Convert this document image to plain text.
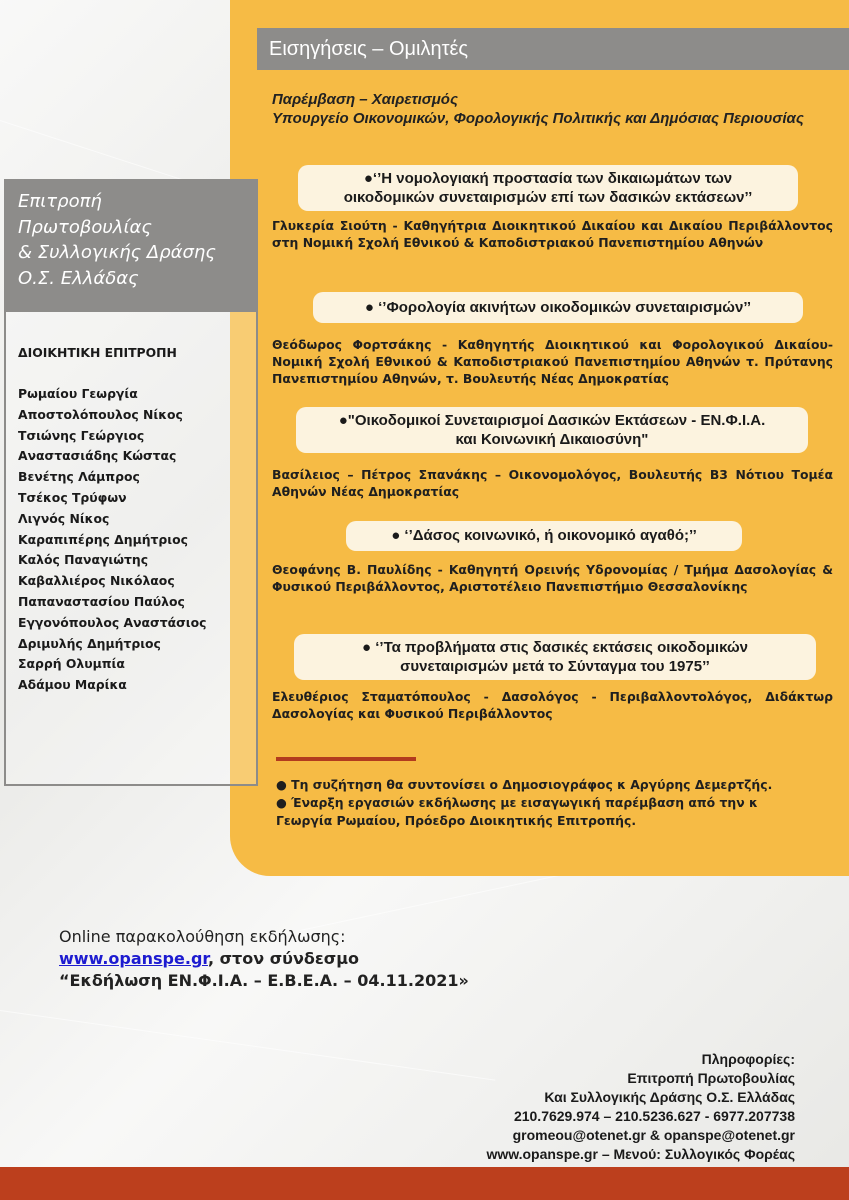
Εισηγήσεις – Ομιλητές
Παρέμβαση – Χαιρετισμός
Υπουργείο Οικονομικών, Φορολογικής Πολιτικής και Δημόσιας Περιουσίας
●‘’Η νομολογιακή προστασία των δικαιωμάτων των
οικοδομικών συνεταιρισμών επί των δασικών εκτάσεων’’
Γλυκερία Σιούτη - Καθηγήτρια Διοικητικού Δικαίου και Δικαίου Περιβάλλοντος στη Νομική Σχολή Εθνικού & Καποδιστριακού Πανεπιστημίου Αθηνών
● ‘’Φορολογία ακινήτων οικοδομικών συνεταιρισμών’’
Θεόδωρος Φορτσάκης - Καθηγητής Διοικητικού και Φορολογικού Δικαίου-Νομική Σχολή Εθνικού & Καποδιστριακού Πανεπιστημίου Αθηνών τ. Πρύτανης Πανεπιστημίου Αθηνών, τ. Βουλευτής Νέας Δημοκρατίας
●"Οικοδομικοί Συνεταιρισμοί Δασικών Εκτάσεων - ΕΝ.Φ.Ι.Α.
και Κοινωνική Δικαιοσύνη"
Βασίλειος – Πέτρος Σπανάκης – Οικονομολόγος, Βουλευτής Β3 Νότιου Τομέα Αθηνών Νέας Δημοκρατίας
● ‘’Δάσος κοινωνικό, ή οικονομικό αγαθό;’’
Θεοφάνης Β. Παυλίδης - Καθηγητή Ορεινής Υδρονομίας / Τμήμα Δασολογίας & Φυσικού Περιβάλλοντος, Αριστοτέλειο Πανεπιστήμιο Θεσσαλονίκης
● ‘’Τα προβλήματα στις δασικές εκτάσεις οικοδομικών
συνεταιρισμών μετά το Σύνταγμα του 1975’’
Ελευθέριος Σταματόπουλος - Δασολόγος - Περιβαλλοντολόγος, Διδάκτωρ Δασολογίας και Φυσικού Περιβάλλοντος
● Τη συζήτηση θα συντονίσει ο Δημοσιογράφος κ Αργύρης Δεμερτζής.
● Έναρξη εργασιών εκδήλωσης με εισαγωγική παρέμβαση από την κ
Γεωργία Ρωμαίου, Πρόεδρο Διοικητικής Επιτροπής.
Επιτροπή
Πρωτοβουλίας
& Συλλογικής Δράσης
Ο.Σ. Ελλάδας
ΔΙΟΙΚΗΤΙΚΗ ΕΠΙΤΡΟΠΗ
Ρωμαίου Γεωργία
Αποστολόπουλος Νίκος
Τσιώνης Γεώργιος
Αναστασιάδης Κώστας
Βενέτης Λάμπρος
Τσέκος Τρύφων
Λιγνός Νίκος
Καραπιπέρης Δημήτριος
Καλός Παναγιώτης
Καβαλλιέρος Νικόλαος
Παπαναστασίου Παύλος
Εγγονόπουλος Αναστάσιος
Δριμυλής Δημήτριος
Σαρρή Ολυμπία
Αδάμου Μαρίκα
Online παρακολούθηση εκδήλωσης:
www.opanspe.gr, στον σύνδεσμο
“Εκδήλωση ΕΝ.Φ.Ι.Α. – Ε.Β.Ε.Α. – 04.11.2021»
Πληροφορίες:
Επιτροπή Πρωτοβουλίας
Και Συλλογικής Δράσης Ο.Σ. Ελλάδας
210.7629.974 – 210.5236.627 - 6977.207738
gromeou@otenet.gr & opanspe@otenet.gr
www.opanspe.gr – Μενού: Συλλογικός Φορέας
